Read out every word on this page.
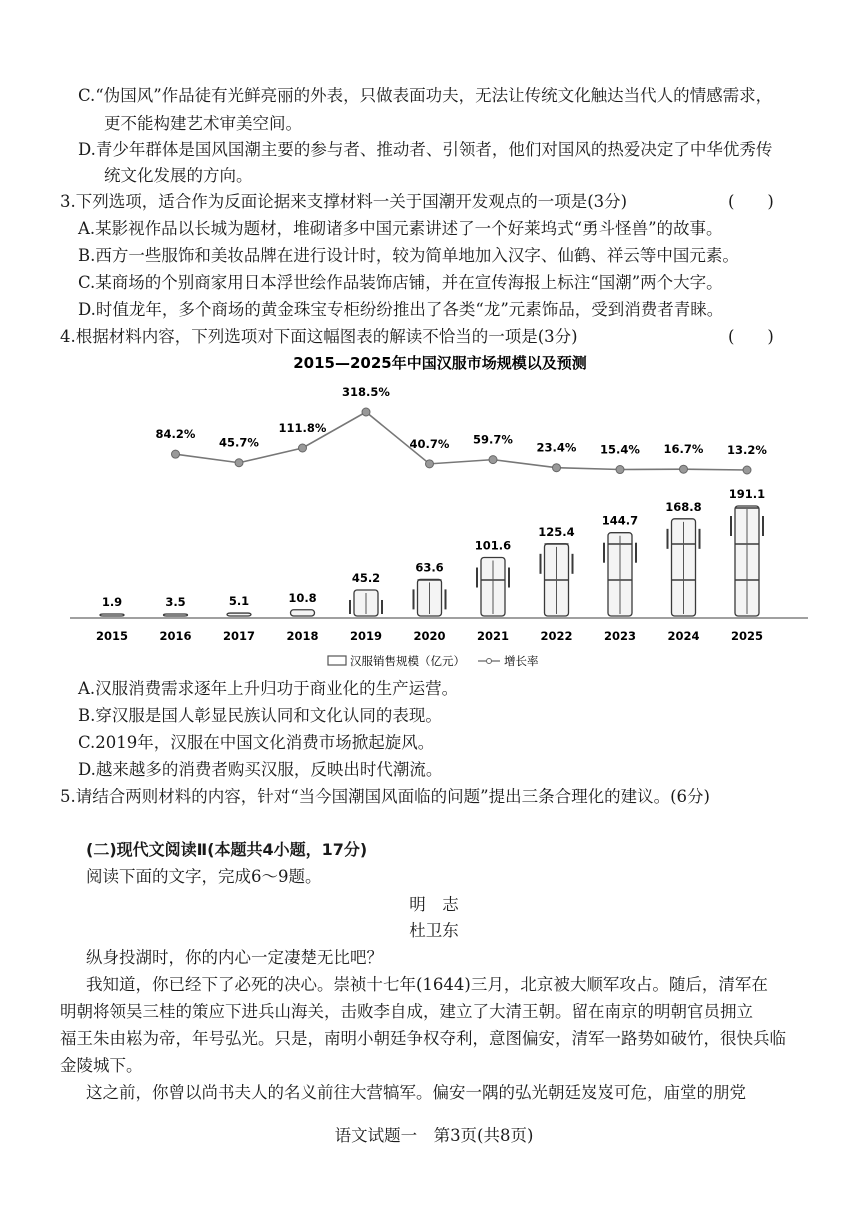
C.“伪国风”作品徒有光鲜亮丽的外表，只做表面功夫，无法让传统文化触达当代人的情感需求，
更不能构建艺术审美空间。
D.青少年群体是国风国潮主要的参与者、推动者、引领者，他们对国风的热爱决定了中华优秀传
统文化发展的方向。
3.下列选项，适合作为反面论据来支撑材料一关于国潮开发观点的一项是(3分)	(　　)
A.某影视作品以长城为题材，堆砌诸多中国元素讲述了一个好莱坞式“勇斗怪兽”的故事。
B.西方一些服饰和美妆品牌在进行设计时，较为简单地加入汉字、仙鹤、祥云等中国元素。
C.某商场的个别商家用日本浮世绘作品装饰店铺，并在宣传海报上标注“国潮”两个大字。
D.时值龙年，多个商场的黄金珠宝专柜纷纷推出了各类“龙”元素饰品，受到消费者青睐。
4.根据材料内容，下列选项对下面这幅图表的解读不恰当的一项是(3分)	(　　)
2015—2025年中国汉服市场规模以及预测
1.9	3.5	5.1	10.8
45.2
63.6
101.6
125.4
144.7
168.8
191.1
84.2%
45.7%
111.8%
318.5%
40.7% 59.7%
23.4% 15.4% 16.7% 13.2%
2015	2016	2017	2018	2019	2020	2021	2022	2023	2024	2025
汉服销售规模（亿元）	增长率
A.汉服消费需求逐年上升归功于商业化的生产运营。
B.穿汉服是国人彰显民族认同和文化认同的表现。
C.2019年，汉服在中国文化消费市场掀起旋风。
D.越来越多的消费者购买汉服，反映出时代潮流。
5.请结合两则材料的内容，针对“当今国潮国风面临的问题”提出三条合理化的建议。(6分)
(二)现代文阅读Ⅱ(本题共4小题，17分)
阅读下面的文字，完成6～9题。
明　志
杜卫东
纵身投湖时，你的内心一定凄楚无比吧？
我知道，你已经下了必死的决心。崇祯十七年(1644)三月，北京被大顺军攻占。随后，清军在
明朝将领吴三桂的策应下进兵山海关，击败李自成，建立了大清王朝。留在南京的明朝官员拥立
福王朱由崧为帝，年号弘光。只是，南明小朝廷争权夺利，意图偏安，清军一路势如破竹，很快兵临
金陵城下。
这之前，你曾以尚书夫人的名义前往大营犒军。偏安一隅的弘光朝廷岌岌可危，庙堂的朋党
语文试题一　第3页(共8页)
